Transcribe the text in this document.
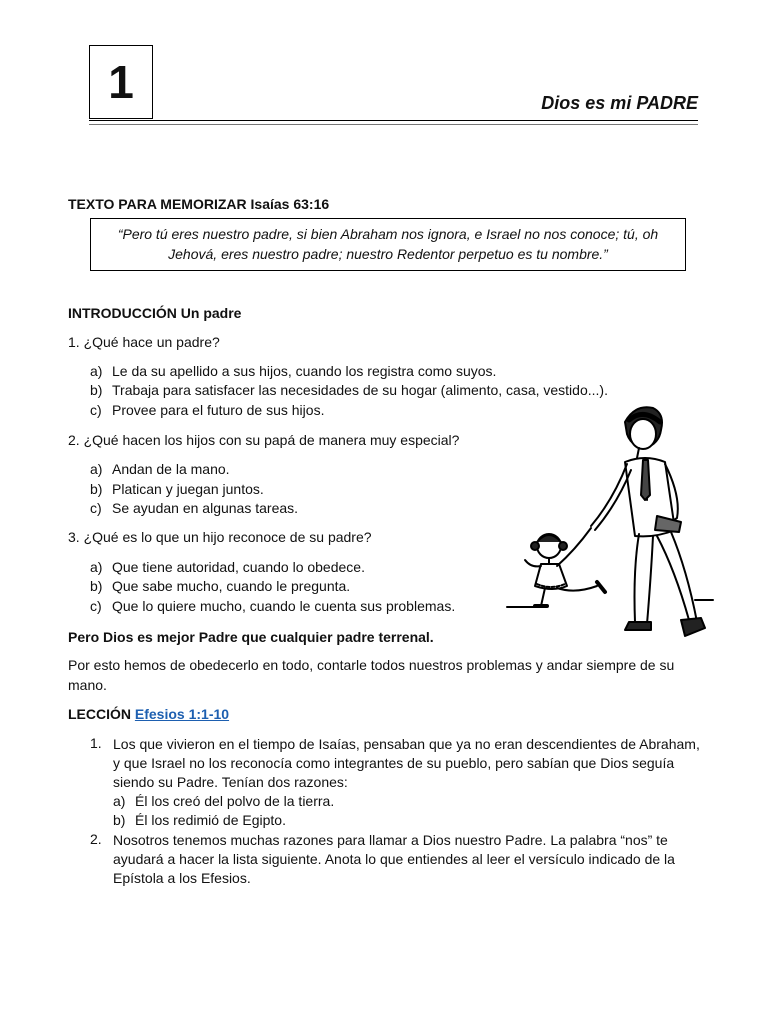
1	Dios es mi PADRE
TEXTO PARA MEMORIZAR Isaías 63:16
“Pero tú eres nuestro padre, si bien Abraham nos ignora, e Israel no nos conoce; tú, oh
Jehová, eres nuestro padre; nuestro Redentor perpetuo es tu nombre.”
INTRODUCCIÓN Un padre
1. ¿Qué hace un padre?
a) Le da su apellido a sus hijos, cuando los registra como suyos.
b) Trabaja para satisfacer las necesidades de su hogar (alimento, casa, vestido...).
c) Provee para el futuro de sus hijos.
2. ¿Qué hacen los hijos con su papá de manera muy especial?
a) Andan de la mano.
b) Platican y juegan juntos.
c) Se ayudan en algunas tareas.
3. ¿Qué es lo que un hijo reconoce de su padre?
a) Que tiene autoridad, cuando lo obedece.
b) Que sabe mucho, cuando le pregunta.
c) Que lo quiere mucho, cuando le cuenta sus problemas.
Pero Dios es mejor Padre que cualquier padre terrenal.
Por esto hemos de obedecerlo en todo, contarle todos nuestros problemas y andar siempre de su mano.
LECCIÓN Efesios 1:1-10
1. Los que vivieron en el tiempo de Isaías, pensaban que ya no eran descendientes de Abraham, y que Israel no los reconocía como integrantes de su pueblo, pero sabían que Dios seguía siendo su Padre. Tenían dos razones:
a) Él los creó del polvo de la tierra.
b) Él los redimió de Egipto.
2. Nosotros tenemos muchas razones para llamar a Dios nuestro Padre. La palabra “nos” te ayudará a hacer la lista siguiente. Anota lo que entiendes al leer el versículo indicado de la Epístola a los Efesios.
